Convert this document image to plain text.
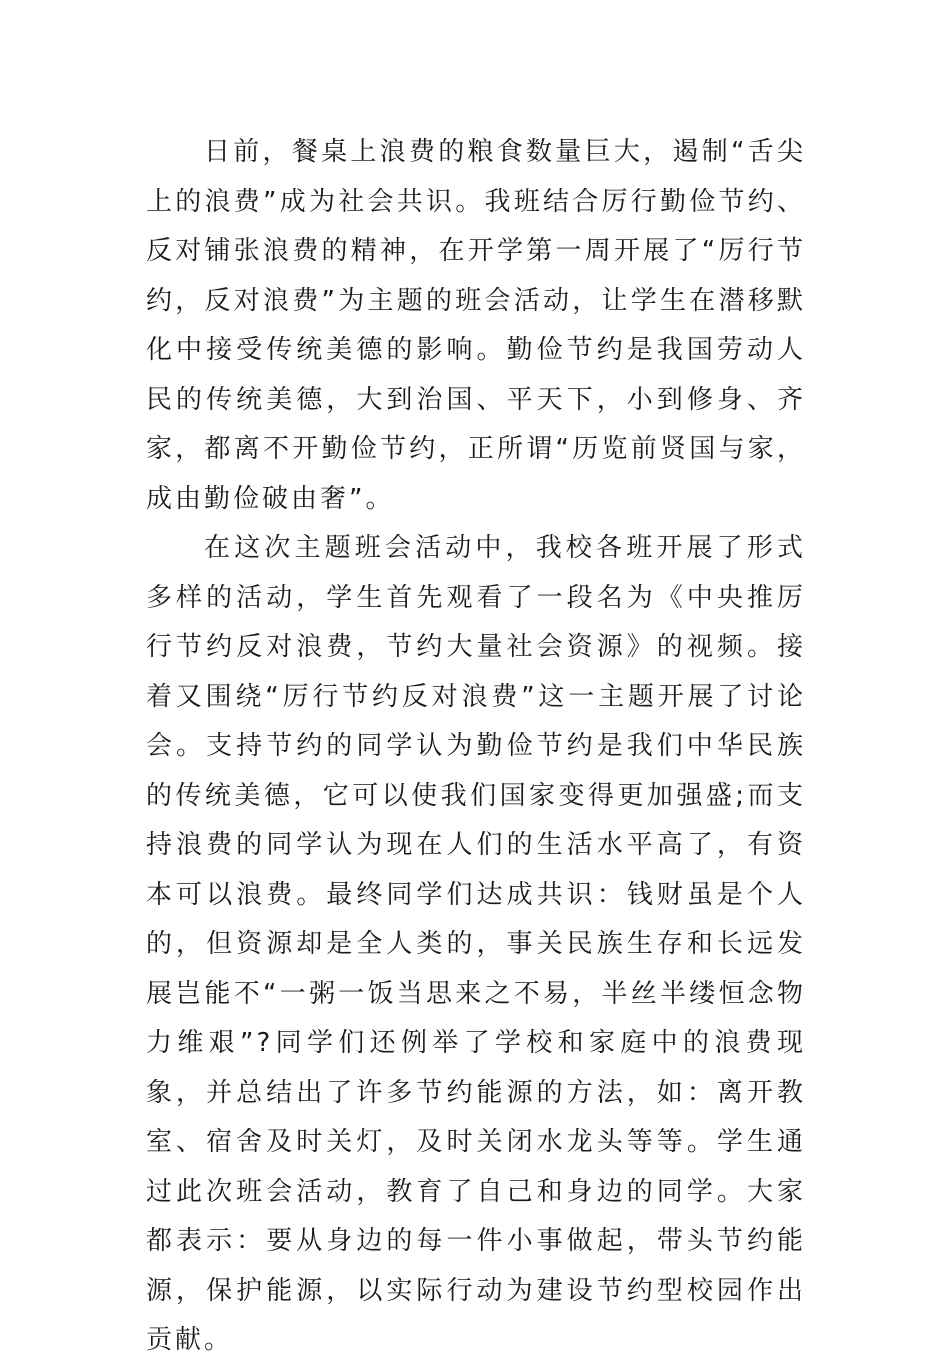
日前，餐桌上浪费的粮食数量巨大，遏制“舌尖上的浪费”成为社会共识。我班结合厉行勤俭节约、反对铺张浪费的精神，在开学第一周开展了“厉行节约，反对浪费”为主题的班会活动，让学生在潜移默化中接受传统美德的影响。勤俭节约是我国劳动人民的传统美德，大到治国、平天下，小到修身、齐家，都离不开勤俭节约，正所谓“历览前贤国与家，成由勤俭破由奢”。

在这次主题班会活动中，我校各班开展了形式多样的活动，学生首先观看了一段名为《中央推厉行节约反对浪费，节约大量社会资源》的视频。接着又围绕“厉行节约反对浪费”这一主题开展了讨论会。支持节约的同学认为勤俭节约是我们中华民族的传统美德，它可以使我们国家变得更加强盛;而支持浪费的同学认为现在人们的生活水平高了，有资本可以浪费。最终同学们达成共识：钱财虽是个人的，但资源却是全人类的，事关民族生存和长远发展岂能不“一粥一饭当思来之不易，半丝半缕恒念物力维艰”?同学们还例举了学校和家庭中的浪费现象，并总结出了许多节约能源的方法，如：离开教室、宿舍及时关灯，及时关闭水龙头等等。学生通过此次班会活动，教育了自己和身边的同学。大家都表示：要从身边的每一件小事做起，带头节约能源，保护能源，以实际行动为建设节约型校园作出贡献。
